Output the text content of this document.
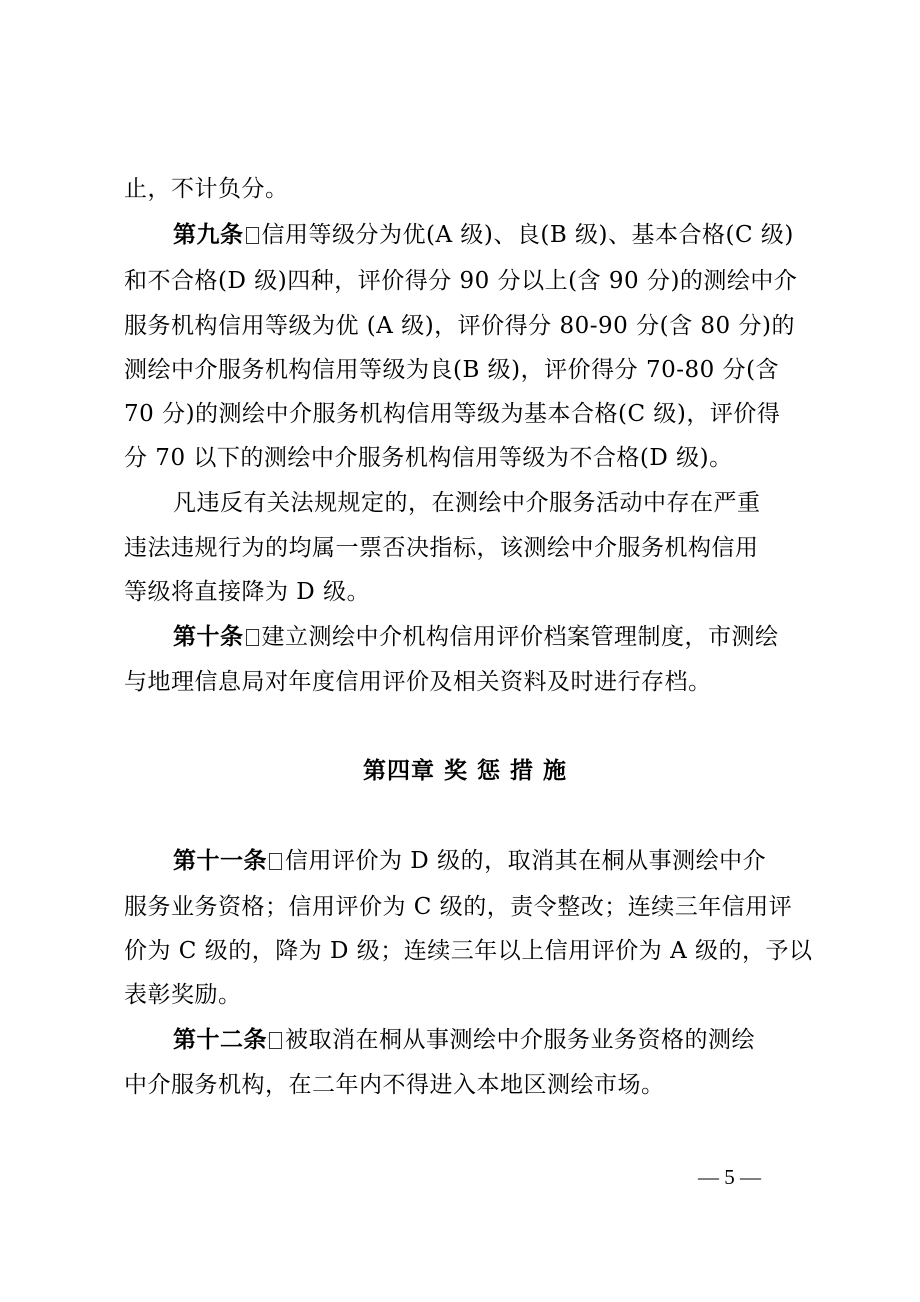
止，不计负分。
第九条 信用等级分为优(A 级)、良(B 级)、基本合格(C 级)
和不合格(D 级)四种，评价得分 90 分以上(含 90 分)的测绘中介
服务机构信用等级为优 (A 级)，评价得分 80-90 分(含 80 分)的
测绘中介服务机构信用等级为良(B 级)，评价得分 70-80 分(含
70 分)的测绘中介服务机构信用等级为基本合格(C 级)，评价得
分 70 以下的测绘中介服务机构信用等级为不合格(D 级)。
凡违反有关法规规定的，在测绘中介服务活动中存在严重
违法违规行为的均属一票否决指标，该测绘中介服务机构信用
等级将直接降为 D 级。
第十条 建立测绘中介机构信用评价档案管理制度，市测绘
与地理信息局对年度信用评价及相关资料及时进行存档。
第四章 奖 惩 措 施
第十一条 信用评价为 D 级的，取消其在桐从事测绘中介
服务业务资格；信用评价为 C 级的，责令整改；连续三年信用评
价为 C 级的，降为 D 级；连续三年以上信用评价为 A 级的，予以
表彰奖励。
第十二条 被取消在桐从事测绘中介服务业务资格的测绘
中介服务机构，在二年内不得进入本地区测绘市场。
— 5 —
